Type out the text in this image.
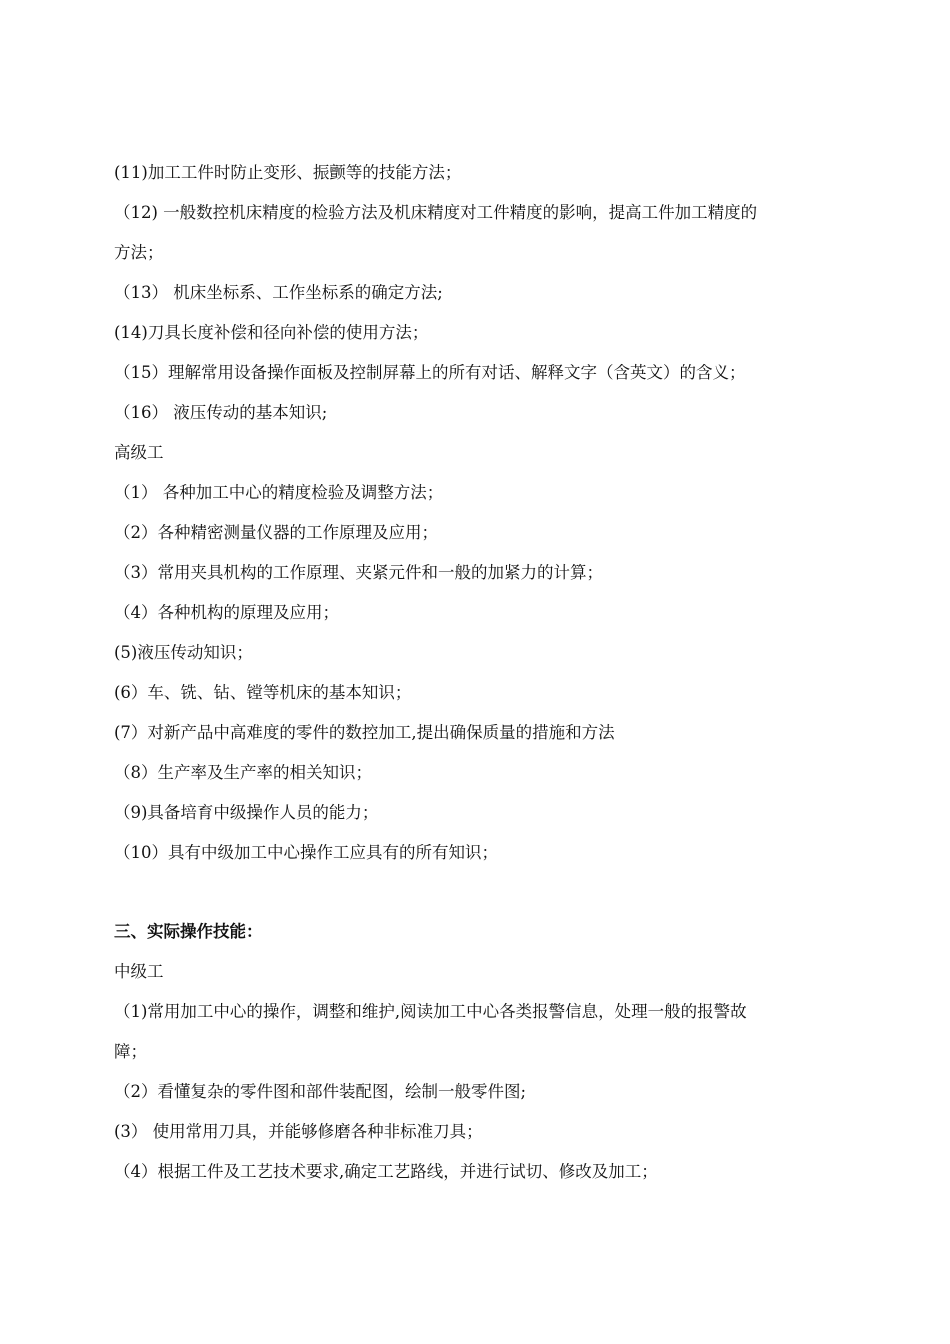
(11)加工工件时防止变形、振颤等的技能方法；
（12) 一般数控机床精度的检验方法及机床精度对工件精度的影响，提高工件加工精度的
方法；
（13） 机床坐标系、工作坐标系的确定方法;
(14)刀具长度补偿和径向补偿的使用方法；
（15）理解常用设备操作面板及控制屏幕上的所有对话、解释文字（含英文）的含义；
（16） 液压传动的基本知识;
高级工
（1） 各种加工中心的精度检验及调整方法；
（2）各种精密测量仪器的工作原理及应用；
（3）常用夹具机构的工作原理、夹紧元件和一般的加紧力的计算；
（4）各种机构的原理及应用；
(5)液压传动知识；
(6）车、铣、钻、镗等机床的基本知识；
(7）对新产品中高难度的零件的数控加工,提出确保质量的措施和方法
（8）生产率及生产率的相关知识；
（9)具备培育中级操作人员的能力；
（10）具有中级加工中心操作工应具有的所有知识；
三、实际操作技能：
中级工
（1)常用加工中心的操作，调整和维护,阅读加工中心各类报警信息，处理一般的报警故
障；
（2）看懂复杂的零件图和部件装配图，绘制一般零件图;
(3） 使用常用刀具，并能够修磨各种非标准刀具；
（4）根据工件及工艺技术要求,确定工艺路线，并进行试切、修改及加工；
